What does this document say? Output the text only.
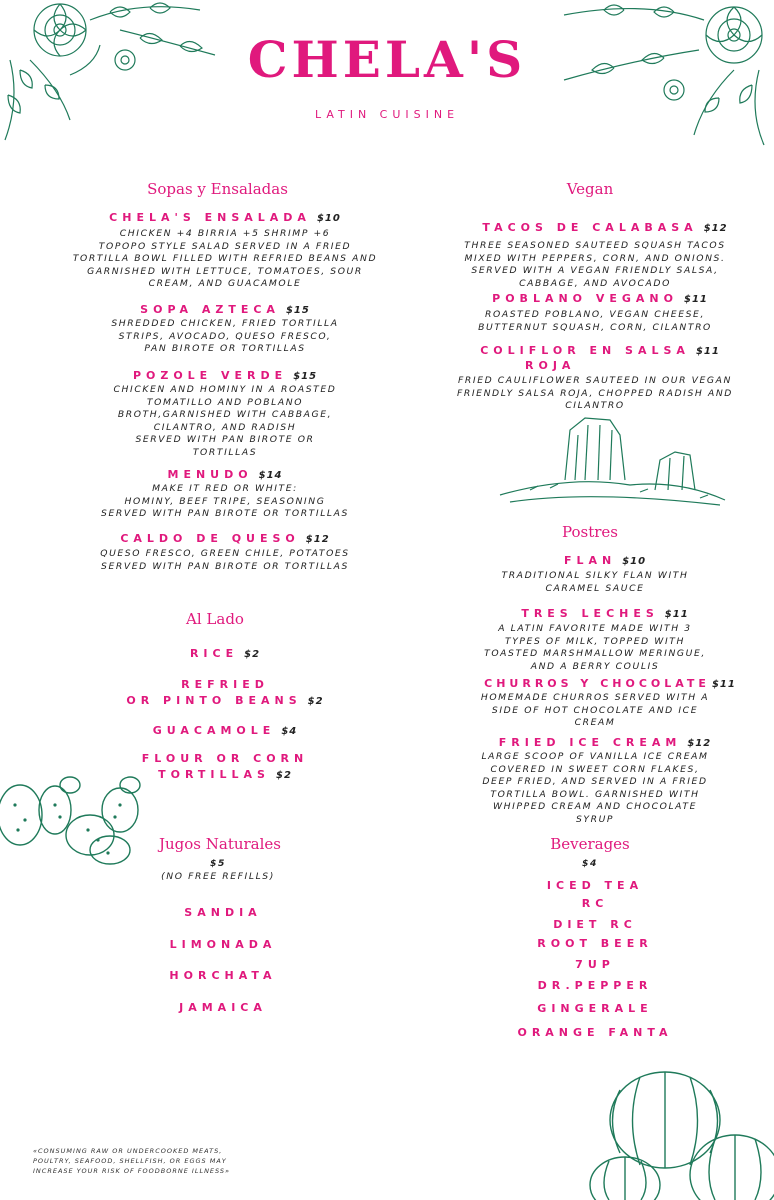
CHELA'S
LATIN CUISINE
Sopas y Ensaladas
CHELA'S ENSALADA $10
CHICKEN +4 BIRRIA +5 SHRIMP +6
TOPOPO STYLE SALAD SERVED IN A FRIED
TORTILLA BOWL FILLED WITH REFRIED BEANS AND
GARNISHED WITH LETTUCE, TOMATOES, SOUR
CREAM, AND GUACAMOLE
SOPA AZTECA $15
SHREDDED CHICKEN, FRIED TORTILLA
STRIPS, AVOCADO, QUESO FRESCO,
PAN BIROTE OR TORTILLAS
POZOLE VERDE $15
CHICKEN AND HOMINY IN A ROASTED
TOMATILLO AND POBLANO
BROTH,GARNISHED WITH CABBAGE,
CILANTRO, AND RADISH
SERVED WITH PAN BIROTE OR
TORTILLAS
MENUDO $14
MAKE IT RED OR WHITE:
HOMINY, BEEF TRIPE, SEASONING
SERVED WITH PAN BIROTE OR TORTILLAS
CALDO DE QUESO $12
QUESO FRESCO, GREEN CHILE, POTATOES
SERVED WITH PAN BIROTE OR TORTILLAS
Al Lado
RICE $2
REFRIED
OR PINTO BEANS $2
GUACAMOLE $4
FLOUR OR CORN
TORTILLAS $2
Jugos Naturales
$5
(NO FREE REFILLS)
SANDIA
LIMONADA
HORCHATA
JAMAICA
Vegan
TACOS DE CALABASA $12
THREE SEASONED SAUTEED SQUASH TACOS
MIXED WITH PEPPERS, CORN, AND ONIONS.
SERVED WITH A VEGAN FRIENDLY SALSA,
CABBAGE, AND AVOCADO
POBLANO VEGANO $11
ROASTED POBLANO, VEGAN CHEESE,
BUTTERNUT SQUASH, CORN, CILANTRO
COLIFLOR EN SALSA $11
ROJA
FRIED CAULIFLOWER SAUTEED IN OUR VEGAN
FRIENDLY SALSA ROJA, CHOPPED RADISH AND
CILANTRO
Postres
FLAN $10
TRADITIONAL SILKY FLAN WITH
CARAMEL SAUCE
TRES LECHES $11
A LATIN FAVORITE MADE WITH 3
TYPES OF MILK, TOPPED WITH
TOASTED MARSHMALLOW MERINGUE,
AND A BERRY COULIS
CHURROS Y CHOCOLATE $11
HOMEMADE CHURROS SERVED WITH A
SIDE OF HOT CHOCOLATE AND ICE
CREAM
FRIED ICE CREAM $12
LARGE SCOOP OF VANILLA ICE CREAM
COVERED IN SWEET CORN FLAKES,
DEEP FRIED, AND SERVED IN A FRIED
TORTILLA BOWL. GARNISHED WITH
WHIPPED CREAM AND CHOCOLATE
SYRUP
Beverages
$4
ICED TEA
RC
DIET RC
ROOT BEER
7UP
DR.PEPPER
GINGERALE
ORANGE FANTA
«CONSUMING RAW OR UNDERCOOKED MEATS,
POULTRY, SEAFOOD, SHELLFISH, OR EGGS MAY
INCREASE YOUR RISK OF FOODBORNE ILLNESS»
